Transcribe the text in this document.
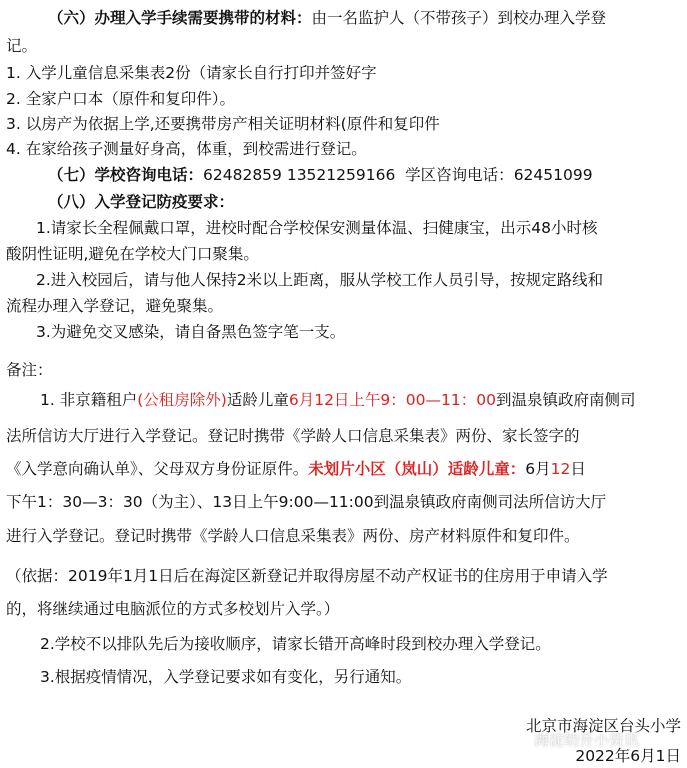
（六）办理入学手续需要携带的材料：由一名监护人（不带孩子）到校办理入学登
记。
1. 入学儿童信息采集表2份（请家长自行打印并签好字
2. 全家户口本（原件和复印件）。
3. 以房产为依据上学,还要携带房产相关证明材料(原件和复印件
4. 在家给孩子测量好身高，体重，到校需进行登记。
（七）学校咨询电话：62482859 13521259166 学区咨询电话：62451099
（八）入学登记防疫要求：
1.请家长全程佩戴口罩，进校时配合学校保安测量体温、扫健康宝，出示48小时核
酸阴性证明,避免在学校大门口聚集。
2.进入校园后，请与他人保持2米以上距离，服从学校工作人员引导，按规定路线和
流程办理入学登记，避免聚集。
3.为避免交叉感染，请自备黑色签字笔一支。
备注：
1. 非京籍租户(公租房除外)适龄儿童6月12日上午9：00—11：00到温泉镇政府南侧司
法所信访大厅进行入学登记。登记时携带《学龄人口信息采集表》两份、家长签字的
《入学意向确认单》、父母双方身份证原件。未划片小区（岚山）适龄儿童：6月12日
下午1：30—3：30（为主）、13日上午9:00—11:00到温泉镇政府南侧司法所信访大厅
进行入学登记。登记时携带《学龄人口信息采集表》两份、房产材料原件和复印件。
（依据：2019年1月1日后在海淀区新登记并取得房屋不动产权证书的住房用于申请入学
的，将继续通过电脑派位的方式多校划片入学。）
2.学校不以排队先后为接收顺序，请家长错开高峰时段到校办理入学登记。
3.根据疫情情况，入学登记要求如有变化，另行通知。
北京市海淀区台头小学
2022年6月1日
海淀幼升小资讯
